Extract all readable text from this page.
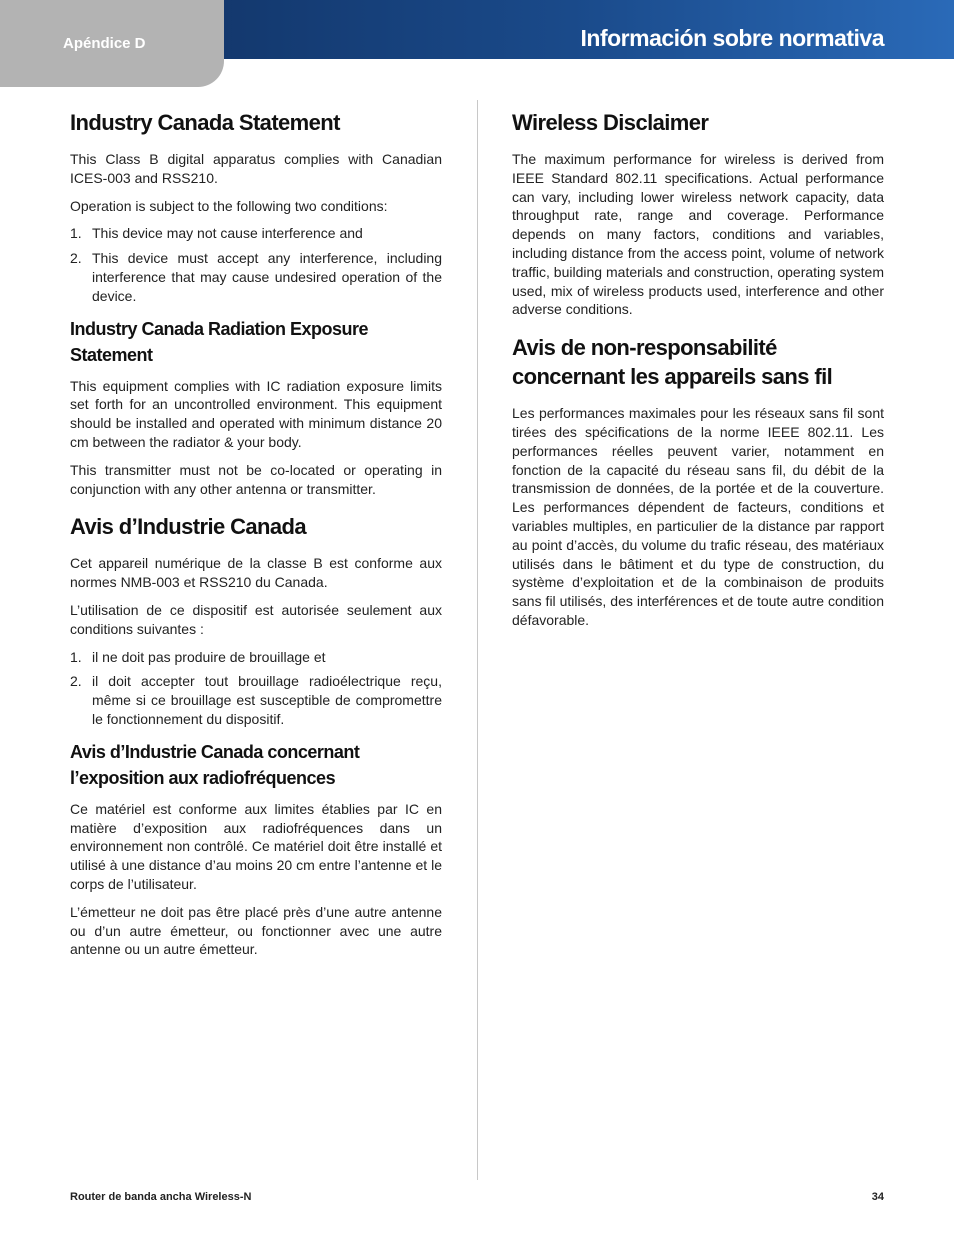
Apéndice D	Información sobre normativa
Industry Canada Statement

This Class B digital apparatus complies with Canadian ICES-003 and RSS210.

Operation is subject to the following two conditions:

1. This device may not cause interference and
2. This device must accept any interference, including interference that may cause undesired operation of the device.
Industry Canada Radiation Exposure Statement

This equipment complies with IC radiation exposure limits set forth for an uncontrolled environment. This equipment should be installed and operated with minimum distance 20 cm between the radiator & your body.

This transmitter must not be co-located or operating in conjunction with any other antenna or transmitter.

Avis d’Industrie Canada

Cet appareil numérique de la classe B est conforme aux normes NMB-003 et RSS210 du Canada.

L’utilisation de ce dispositif est autorisée seulement aux conditions suivantes :

1. il ne doit pas produire de brouillage et
2. il doit accepter tout brouillage radioélectrique reçu, même si ce brouillage est susceptible de compromettre le fonctionnement du dispositif.
Avis d’Industrie Canada concernant l’exposition aux radiofréquences

Ce matériel est conforme aux limites établies par IC en matière d’exposition aux radiofréquences dans un environnement non contrôlé. Ce matériel doit être installé et utilisé à une distance d’au moins 20 cm entre l’antenne et le corps de l’utilisateur.

L’émetteur ne doit pas être placé près d’une autre antenne ou d’un autre émetteur, ou fonctionner avec une autre antenne ou un autre émetteur.

Wireless Disclaimer

The maximum performance for wireless is derived from IEEE Standard 802.11 specifications. Actual performance can vary, including lower wireless network capacity, data throughput rate, range and coverage. Performance depends on many factors, conditions and variables, including distance from the access point, volume of network traffic, building materials and construction, operating system used, mix of wireless products used, interference and other adverse conditions.

Avis de non-responsabilité concernant les appareils sans fil

Les performances maximales pour les réseaux sans fil sont tirées des spécifications de la norme IEEE 802.11. Les performances réelles peuvent varier, notamment en fonction de la capacité du réseau sans fil, du débit de la transmission de données, de la portée et de la couverture. Les performances dépendent de facteurs, conditions et variables multiples, en particulier de la distance par rapport au point d’accès, du volume du trafic réseau, des matériaux utilisés dans le bâtiment et du type de construction, du système d’exploitation et de la combinaison de produits sans fil utilisés, des interférences et de toute autre condition défavorable.

Router de banda ancha Wireless-N	34
